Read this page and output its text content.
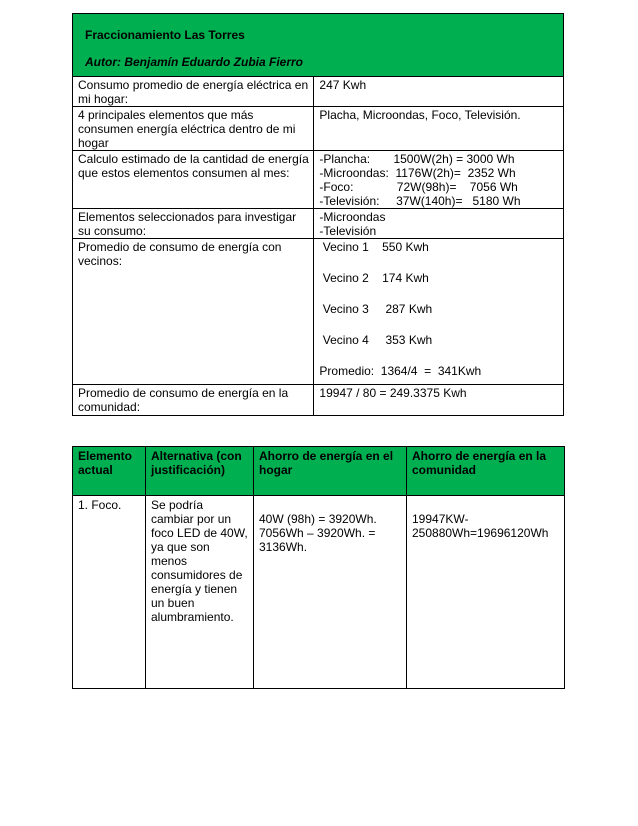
Fraccionamiento Las Torres
Autor: Benjamín Eduardo Zubia Fierro	

Consumo promedio de energía eléctrica en mi hogar:	247 Kwh

4 principales elementos que más consumen energía eléctrica dentro de mi hogar	Placha, Microondas, Foco, Televisión.

Calculo estimado de la cantidad de energía que estos elementos consumen al mes:	-Plancha:       1500W(2h) = 3000 Wh
-Microondas:  1176W(2h)=  2352 Wh
-Foco:             72W(98h)=    7056 Wh
-Televisión:     37W(140h)=   5180 Wh

Elementos seleccionados para investigar su consumo:	-Microondas
-Televisión

Promedio de consumo de energía con vecinos:	Vecino 1    550 Kwh

Vecino 2    174 Kwh

Vecino 3     287 Kwh

Vecino 4     353 Kwh

Promedio:  1364/4  =  341Kwh

Promedio de consumo de energía en la comunidad:	19947 / 80 = 249.3375 Kwh
Elemento actual	Alternativa (con justificación)	Ahorro de energía en el hogar	Ahorro de energía en la comunidad
1. Foco.	Se podría cambiar por un foco LED de 40W, ya que son menos consumidores de energía y tienen un buen alumbramiento.	40W (98h) = 3920Wh. 7056Wh – 3920Wh. = 3136Wh.	19947KW-250880Wh=19696120Wh
